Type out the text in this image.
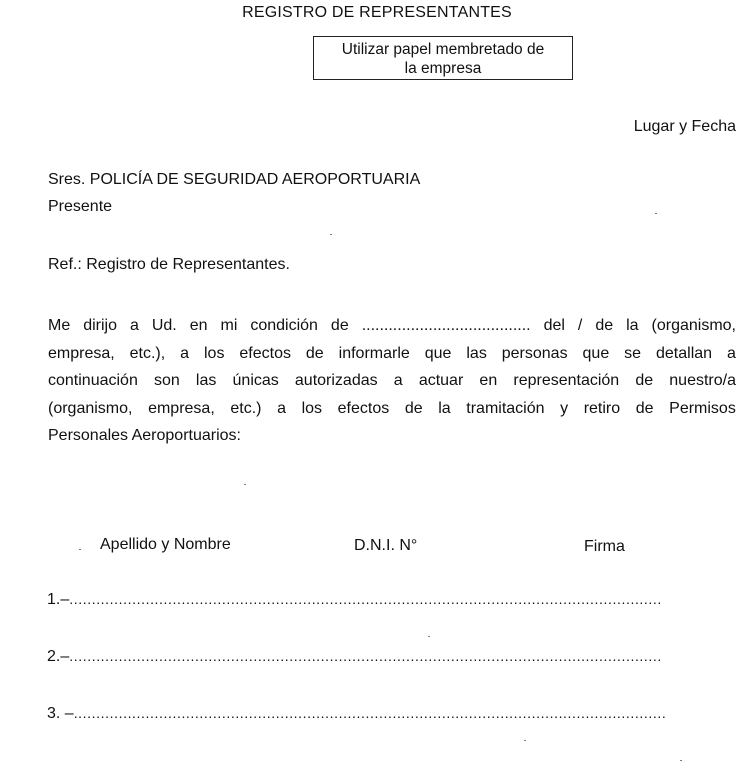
REGISTRO DE REPRESENTANTES
Utilizar papel membretado de
la empresa
Lugar y Fecha
Sres. POLICÍA DE SEGURIDAD AEROPORTUARIA
Presente
Ref.: Registro de Representantes.
Me dirijo a Ud. en mi condición de ...................................... del / de la (organismo,
empresa, etc.), a los efectos de informarle que las personas que se detallan a
continuación son las únicas autorizadas a actuar en representación de nuestro/a
(organismo, empresa, etc.) a los efectos de la tramitación y retiro de Permisos
Personales Aeroportuarios:
Apellido y Nombre	D.N.I. N°	Firma
1.– ....................................................................................................................................
2.– ....................................................................................................................................
3. – ....................................................................................................................................
